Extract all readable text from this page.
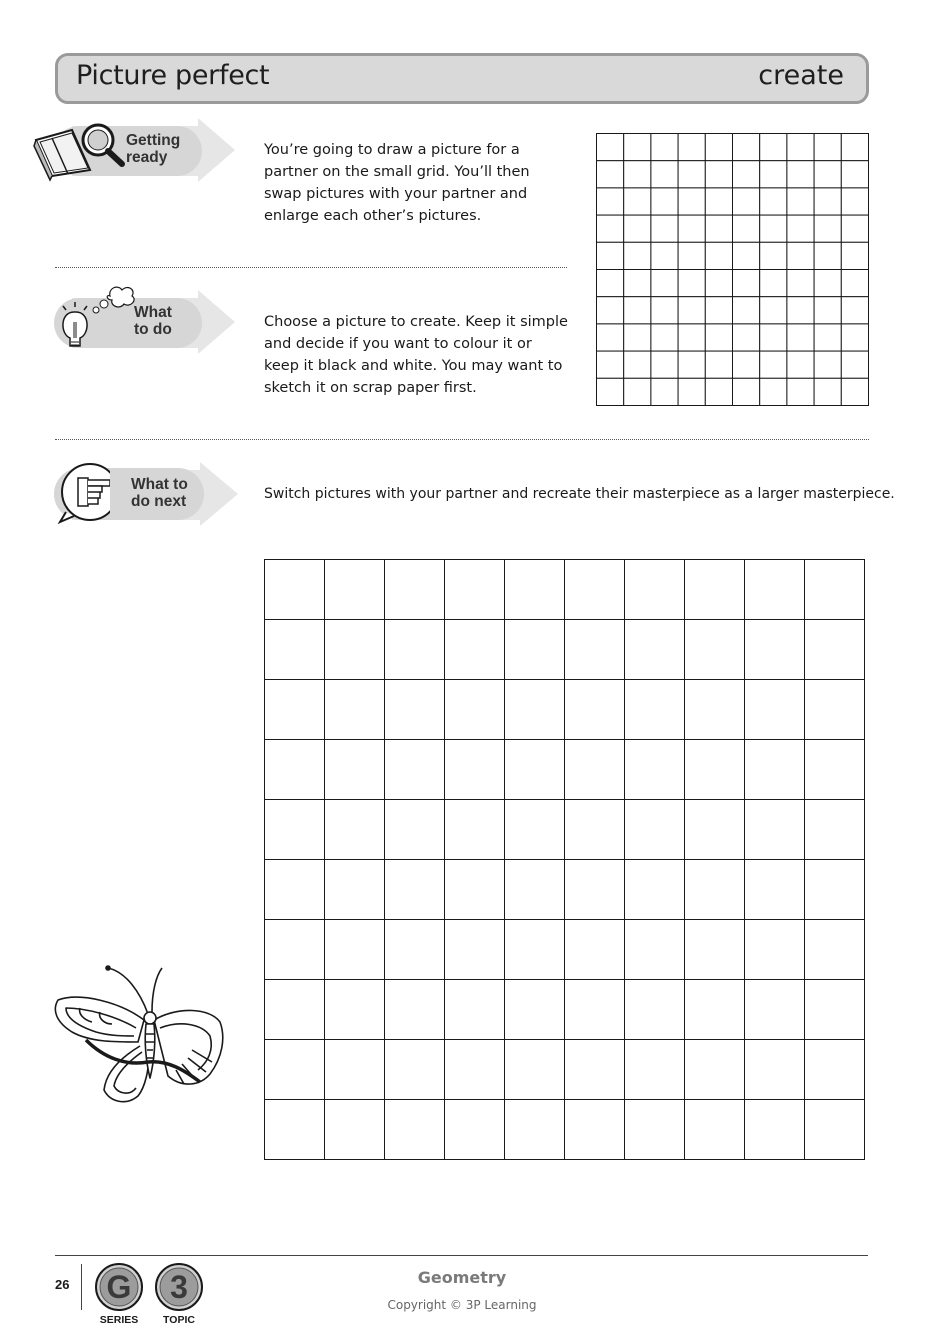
Picture perfect	create
Getting
ready	You’re going to draw a picture for a partner on the small grid. You’ll then swap pictures with your partner and enlarge each other’s pictures.
What
to do	Choose a picture to create. Keep it simple and decide if you want to colour it or keep it black and white. You may want to sketch it on scrap paper first.
What to
do next	Switch pictures with your partner and recreate their masterpiece as a larger masterpiece.
26 G
SERIES
3
TOPIC
Geometry
Copyright © 3P Learning
